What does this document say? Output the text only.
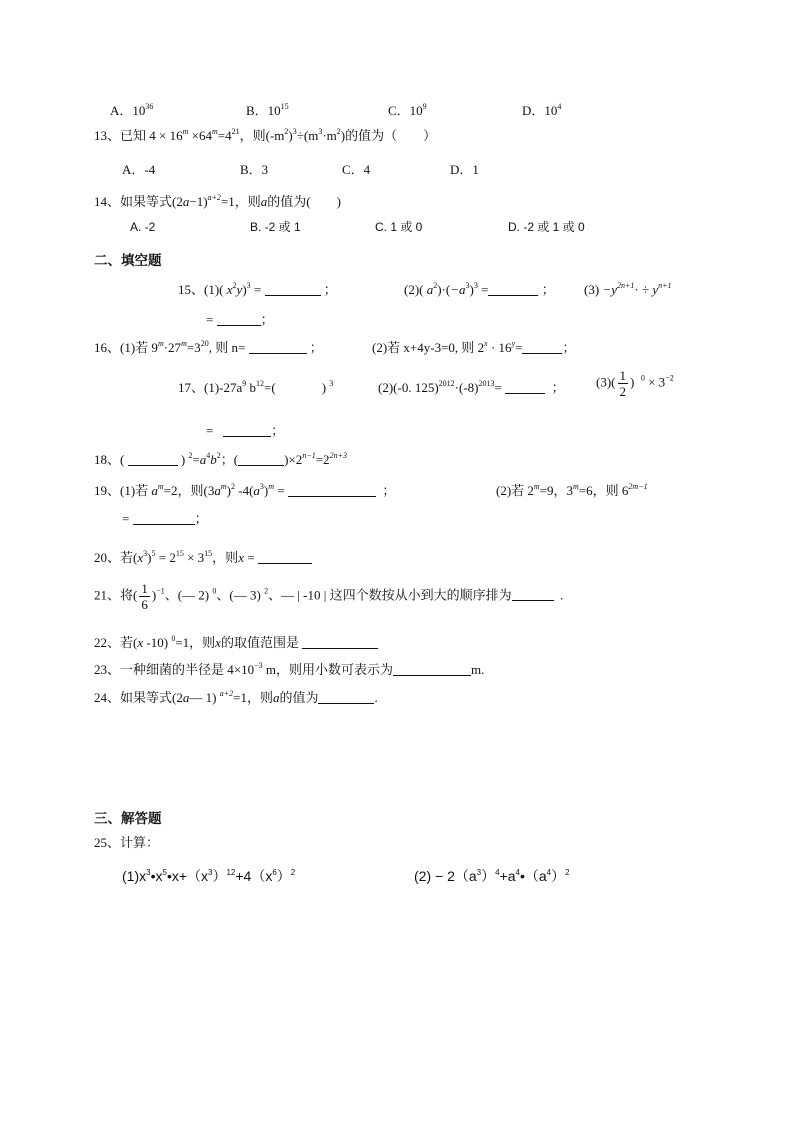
A．$10^{36}$	B．$10^{15}$	C．$10^9$	D．$10^4$
13、已知 $4 \times 16^m \times 64^m=4^{21}$，则$(-m^2)^3\div(m^3\cdot m^2)$的值为（　　）
A．-4	B．3	C．4	D．1
14、如果等式$(2a-1)^{a+2}=1$，则a的值为(　　)
A. -2	B. -2 或 1	C. 1 或 0	D. -2 或 1 或 0
二、填空题
15、(1)( $x^2y)^3$ =	；	(2)( $a^2)\cdot(-a^3)^3$ =	； $(3) -y^{2n+1}\cdot \div y^{n+1}$
=	；
16、(1)若 $9^m\cdot 27^m=3^{20}$, 则 n=	；	(2)若 x+4y-3=0, 则 $2^x \cdot 16^y=$	；
17、$(1)-27a^9$ $b^{12}=$(	) $^3$	(2)(-0. $125)^{2012}\cdot(-8)^{2013}=$	； $(3)( \frac{1}{2}$ ) $^0 \times 3^{-2}$
=	；
18、(	) $^2=a^4b^2$；(	)$\times 2^{n-1}=2^{2n+3}$
19、(1)若 $a^m=2$，则$(3a^m)^2$ $-4(a^3)^m$ =	；	(2)若 $2^m=9$，$3^m=6$，则 $6^{2m-1}$
=	；
20、若$(x^3)^5 = 2^{15} \times 3^{15}$，则x =
21、将( $\frac{1}{6} )^{-1}$、(— 2) $^0$、(— 3) $^2$、— | -10 | 这四个数按从小到大的顺序排为	.
22、若(x -10) $^0$=1，则x的取值范围是
23、一种细菌的半径是 $4\times 10^{-3}$ m，则用小数可表示为	m.
24、如果等式(2a— 1) $^{a+2}$=1，则a的值为	.
三、解答题
25、计算：
$(1)x^3•x^5•x+(x^3)^{12}+4(x^6)^2$	$(2) - 2(a^3)^4+a^4•(a^4)^2$
